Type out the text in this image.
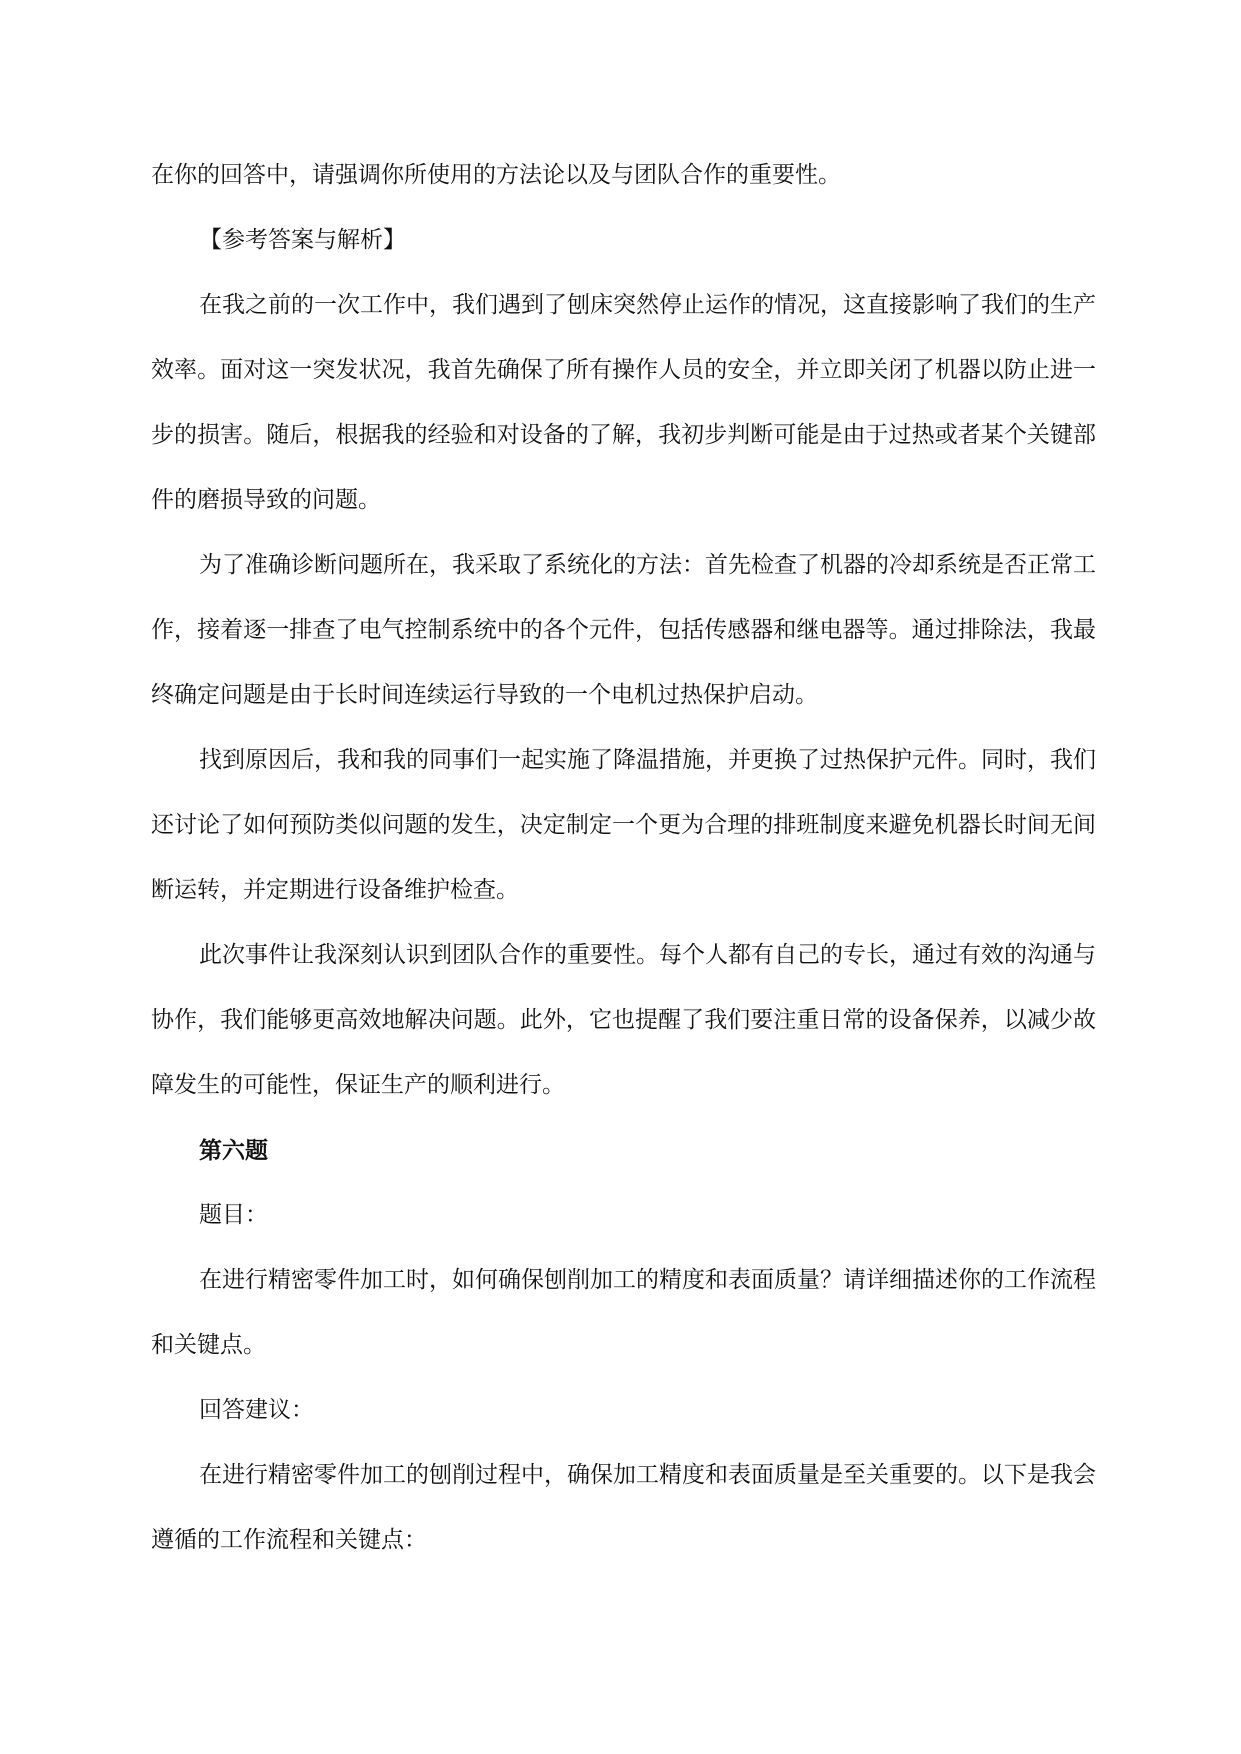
在你的回答中，请强调你所使用的方法论以及与团队合作的重要性。

【参考答案与解析】

在我之前的一次工作中，我们遇到了刨床突然停止运作的情况，这直接影响了我们的生产效率。面对这一突发状况，我首先确保了所有操作人员的安全，并立即关闭了机器以防止进一步的损害。随后，根据我的经验和对设备的了解，我初步判断可能是由于过热或者某个关键部件的磨损导致的问题。

为了准确诊断问题所在，我采取了系统化的方法：首先检查了机器的冷却系统是否正常工作，接着逐一排查了电气控制系统中的各个元件，包括传感器和继电器等。通过排除法，我最终确定问题是由于长时间连续运行导致的一个电机过热保护启动。

找到原因后，我和我的同事们一起实施了降温措施，并更换了过热保护元件。同时，我们还讨论了如何预防类似问题的发生，决定制定一个更为合理的排班制度来避免机器长时间无间断运转，并定期进行设备维护检查。

此次事件让我深刻认识到团队合作的重要性。每个人都有自己的专长，通过有效的沟通与协作，我们能够更高效地解决问题。此外，它也提醒了我们要注重日常的设备保养，以减少故障发生的可能性，保证生产的顺利进行。

第六题

题目：

在进行精密零件加工时，如何确保刨削加工的精度和表面质量？请详细描述你的工作流程和关键点。

回答建议：

在进行精密零件加工的刨削过程中，确保加工精度和表面质量是至关重要的。以下是我会遵循的工作流程和关键点：
